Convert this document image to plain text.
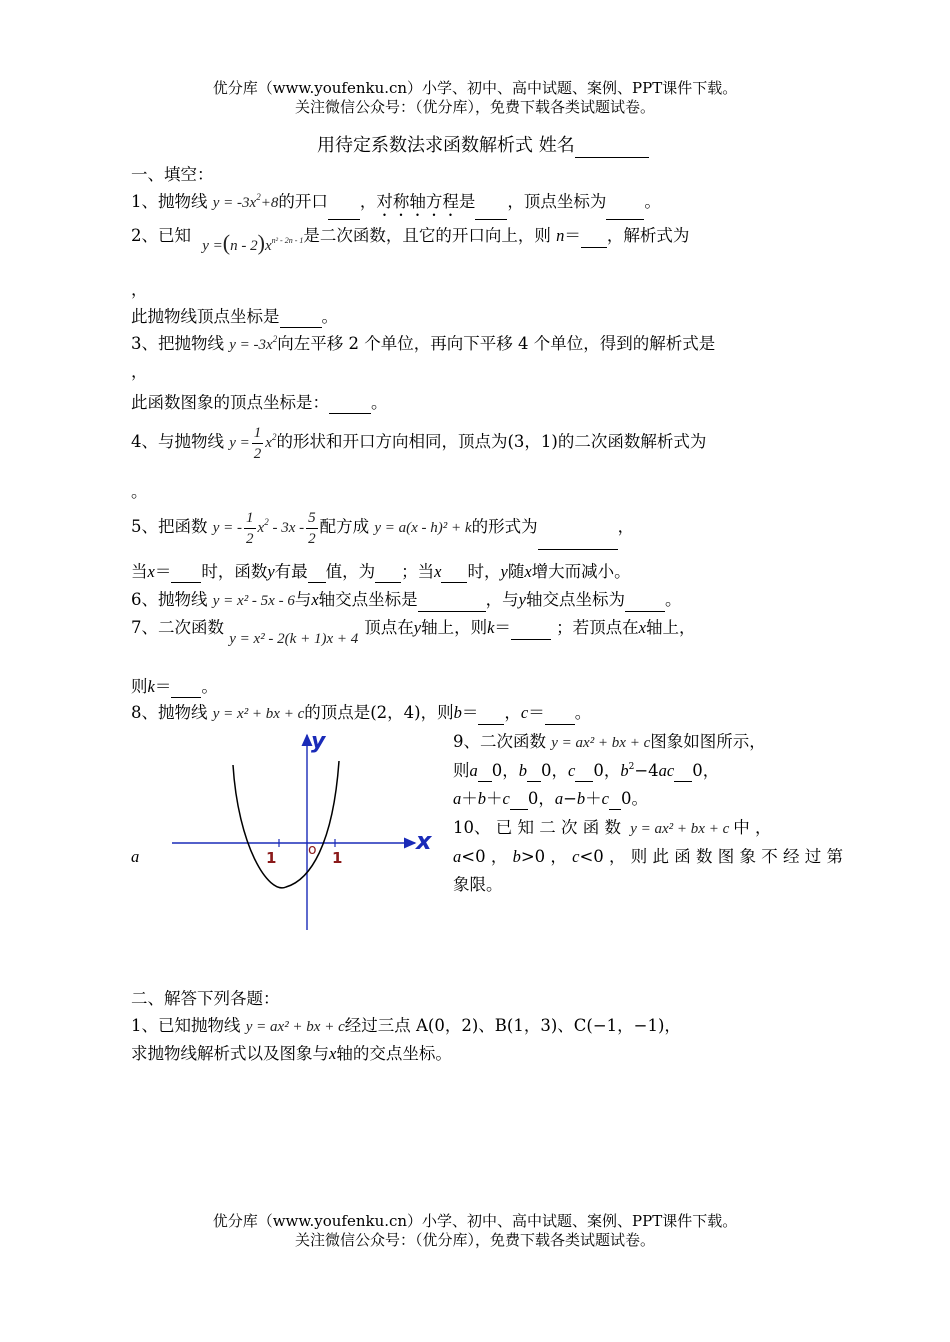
优分库（www.youfenku.cn）小学、初中、高中试题、案例、PPT课件下载。
关注微信公众号：（优分库），免费下载各类试题试卷。
用待定系数法求函数解析式 姓名
一、填空：
1、抛物线 $y = -3x^2+8$的开口 ，对称轴方程是 ，顶点坐标为 。
2、已知 $y =(n - 2)x^{n^2 - 2n - 1}$是二次函数，且它的开口向上，则 n＝ ，解析式为
，
此抛物线顶点坐标是	。
3、把抛物线 $y = -3x^2$向左平移 2 个单位，再向下平移 4 个单位，得到的解析式是
，
此函数图象的顶点坐标是：	。
4、与抛物线 $y = \frac{1}{2} x^2$的形状和开口方向相同，顶点为(3，1)的二次函数解析式为
。
5、把函数 y = - $\frac{1}{2} x^2 - 3x - \frac{5}{2}$ 配方成 y = a(x - h)² + k的形式为	，
当x＝ 时，函数y有最 值，为 ；当x 时，y随x增大而减小。
6、抛物线 y = x² - 5x - 6与x轴交点坐标是	，与y轴交点坐标为 。
7、二次函数 y = x² - 2(k + 1)x + 4顶点在y轴上，则k＝	；若顶点在x轴上，
则k＝ 。
8、抛物线 y = x² + bx + c的顶点是(2，4)，则b＝ ，c＝ 。
y
x
o
1	1
a
9、二次函数 y = ax² + bx + c图象如图所示，
则a 0，b 0，c 0，$b^2-4ac$ 0，
a＋b＋c 0，a−b＋c 0。
10、 已 知 二 次 函 数 y = ax² + bx + c 中 ，
a<0 ， b>0 ， c<0 ， 则 此 函 数 图 象 不 经 过 第
象限。
二、解答下列各题：
1、已知抛物线 y = ax² + bx + c经过三点 A(0，2)、B(1，3)、C(−1，−1)，
求抛物线解析式以及图象与x轴的交点坐标。
优分库（www.youfenku.cn）小学、初中、高中试题、案例、PPT课件下载。
关注微信公众号：（优分库），免费下载各类试题试卷。
